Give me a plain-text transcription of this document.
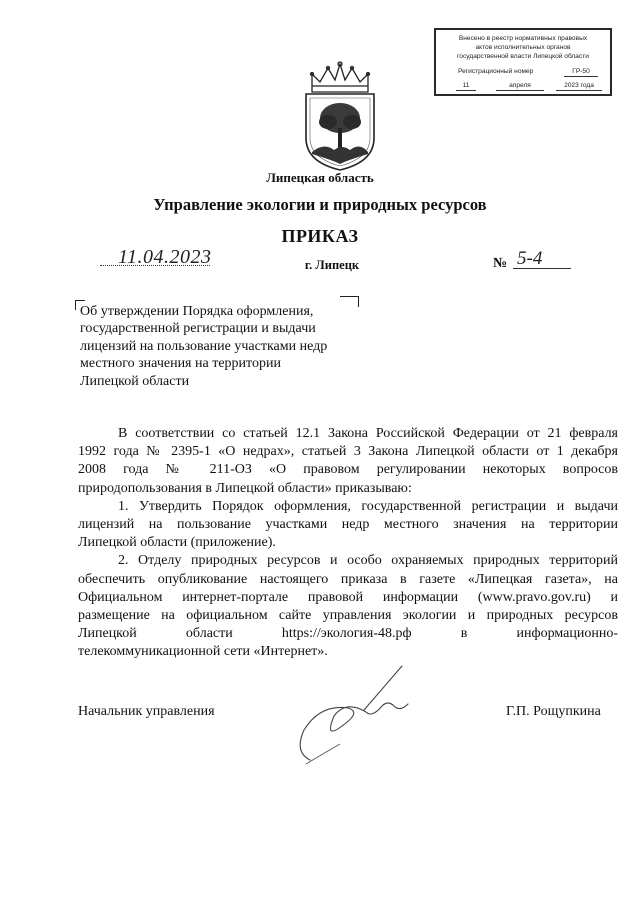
Внесено в реестр нормативных правовых
актов исполнительных органов
государственной власти Липецкой области
Регистрационный номер	ГР-50
11	апреля	2023 года
Липецкая область
Управление экологии и природных ресурсов
ПРИКАЗ
11.04.2023	г. Липецк	№ 5-4
Об утверждении Порядка оформления,
государственной регистрации и выдачи
лицензий на пользование участками недр
местного значения на территории
Липецкой области
В соответствии со статьей 12.1 Закона Российской Федерации от 21 февраля
1992 года № 2395-1 «О недрах», статьей 3 Закона Липецкой области от 1 декабря
2008 года № 211-ОЗ «О правовом регулировании некоторых вопросов
природопользования в Липецкой области» приказываю:
1. Утвердить Порядок оформления, государственной регистрации и выдачи
лицензий на пользование участками недр местного значения на территории
Липецкой области (приложение).
2. Отделу природных ресурсов и особо охраняемых природных территорий
обеспечить опубликование настоящего приказа в газете «Липецкая газета», на
Официальном интернет-портале правовой информации (www.pravo.gov.ru) и
размещение на официальном сайте управления экологии и природных ресурсов
Липецкой области https://экология-48.рф в информационно-
телекоммуникационной сети «Интернет».
Начальник управления	Г.П. Рощупкина
